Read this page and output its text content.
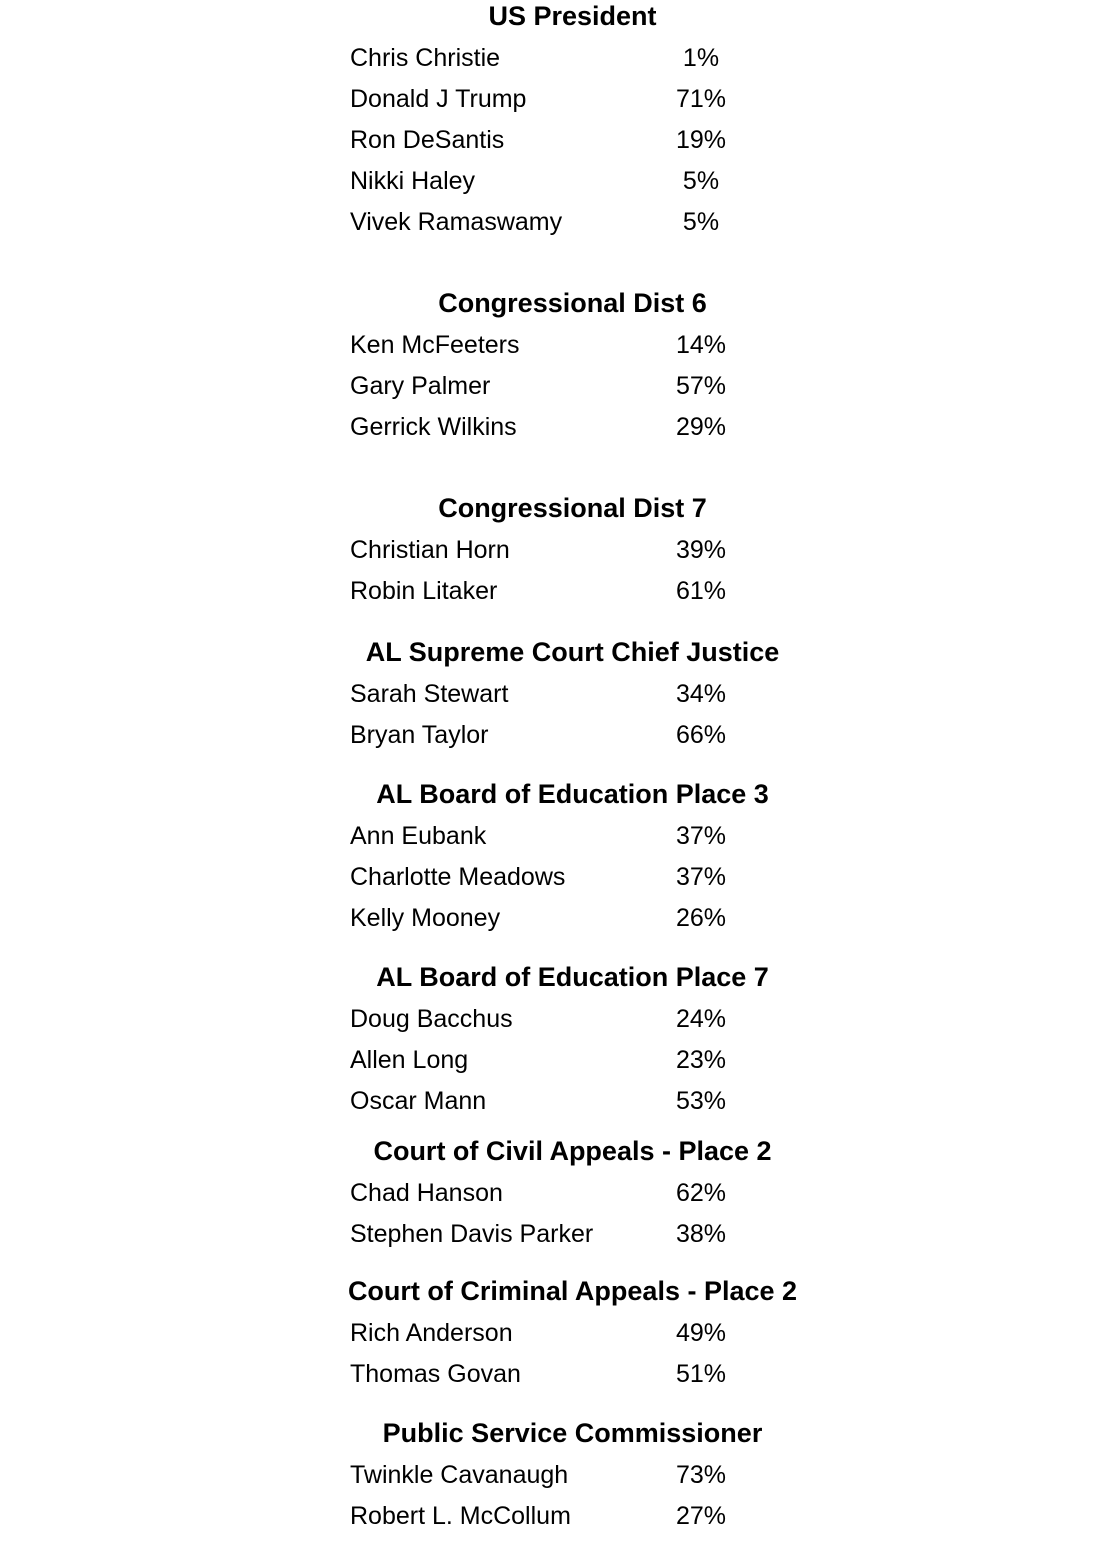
US President
Chris Christie	1%
Donald J Trump	71%
Ron DeSantis	19%
Nikki Haley	5%
Vivek Ramaswamy	5%
Congressional Dist 6
Ken McFeeters	14%
Gary Palmer	57%
Gerrick Wilkins	29%
Congressional Dist 7
Christian Horn	39%
Robin Litaker	61%
AL Supreme Court Chief Justice
Sarah Stewart	34%
Bryan Taylor	66%
AL Board of Education Place 3
Ann Eubank	37%
Charlotte Meadows	37%
Kelly Mooney	26%
AL Board of Education Place 7
Doug Bacchus	24%
Allen Long	23%
Oscar Mann	53%
Court of Civil Appeals - Place 2
Chad Hanson	62%
Stephen Davis Parker	38%
Court of Criminal Appeals - Place 2
Rich Anderson	49%
Thomas Govan	51%
Public Service Commissioner
Twinkle Cavanaugh	73%
Robert L. McCollum	27%
